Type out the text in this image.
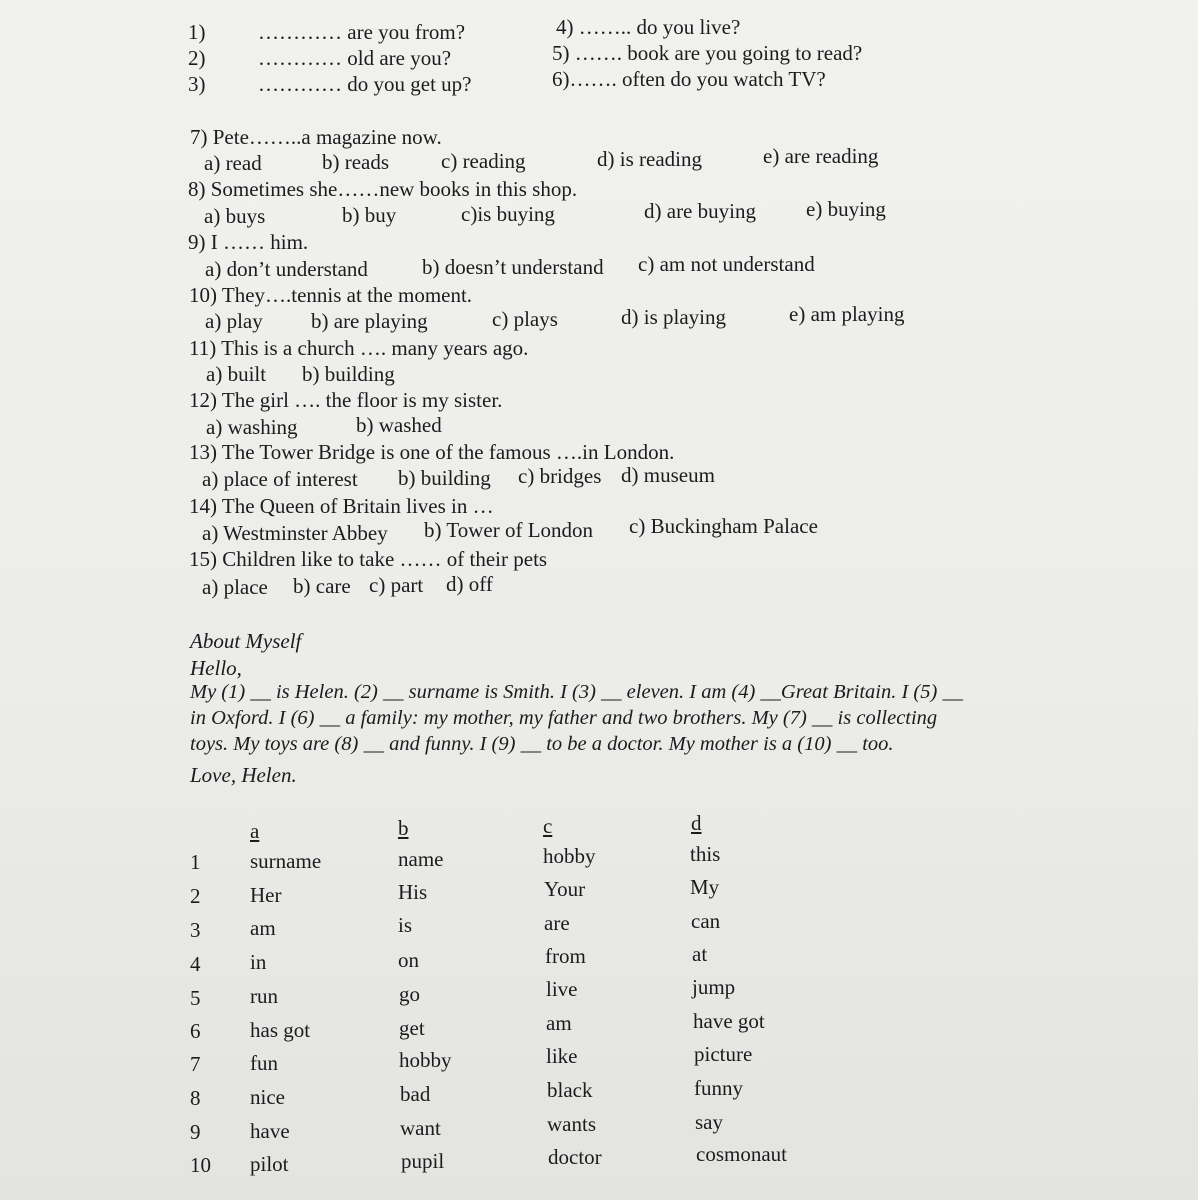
1)	………… are you from?
2)	………… old are you?
3)	………… do you get up?
4) …….. do you live?
5) ……. book are you going to read?
6)……. often do you watch TV?
7) Pete……..a magazine now.
a) read	b) reads c) reading	d) is reading	e) are reading
8) Sometimes she……new books in this shop.
a) buys	b) buy	c)is buying	d) are buying e) buying
9) I …… him.
a) don’t understand	b) doesn’t understand c) am not understand
10) They….tennis at the moment.
a) play b) are playing	c) plays	d) is playing	e) am playing
11) This is a church …. many years ago.
a) built b) building
12) The girl …. the floor is my sister.
a) washing	b) washed
13) The Tower Bridge is one of the famous ….in London.
a) place of interest b) building c) bridges d) museum
14) The Queen of Britain lives in …
a) Westminster Abbey b) Tower of London c) Buckingham Palace
15) Children like to take …… of their pets
a) place b) care c) part d) off
About Myself
Hello,
My (1) __ is Helen. (2) __ surname is Smith. I (3) __ eleven. I am (4) __Great Britain. I (5) __
in Oxford. I (6) __ a family: my mother, my father and two brothers. My (7) __ is collecting
toys. My toys are (8) __ and funny. I (9) __ to be a doctor. My mother is a (10) __ too.
Love, Helen.
a	b	c	d
1 surname	name	hobby	this
2 Her	His	Your	My
3 am	is	are	can
4 in	on	from	at
5 run	go	live	jump
6 has got	get	am	have got
7 fun	hobby	like	picture
8 nice	bad	black	funny
9 have	want	wants	say
10 pilot	pupil	doctor	cosmonaut
